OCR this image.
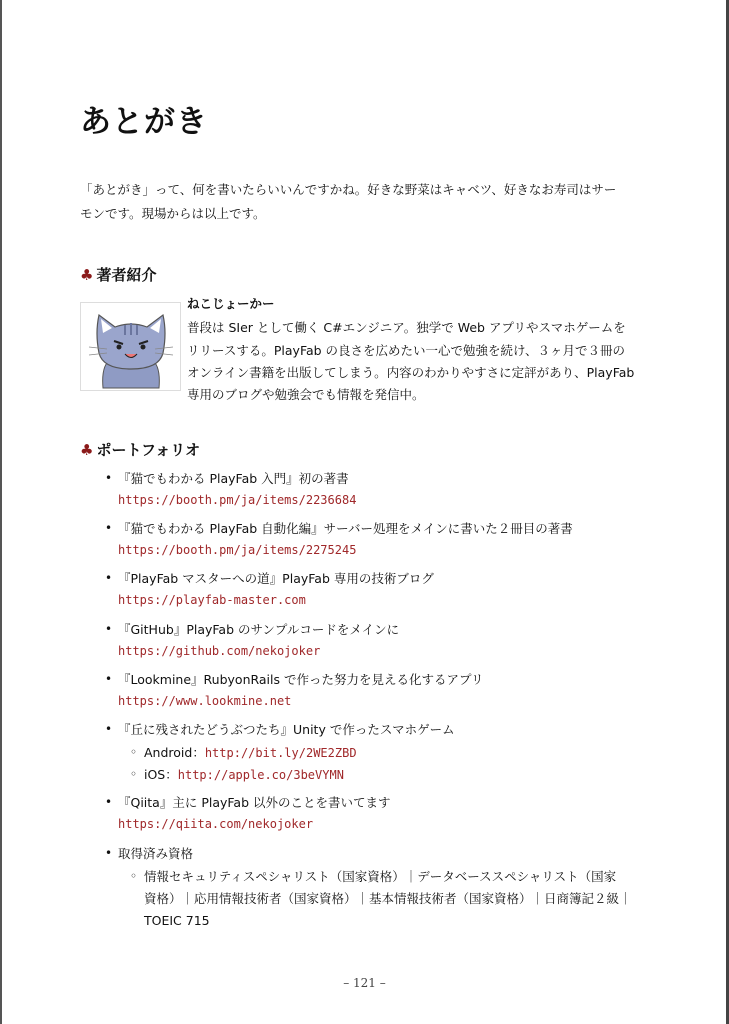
あとがき
「あとがき」って、何を書いたらいいんですかね。好きな野菜はキャベツ、好きなお寿司はサー
モンです。現場からは以上です。
♣ 著者紹介
ねこじょーかー
普段は SIer として働く C#エンジニア。独学で Web アプリやスマホゲームを
リリースする。PlayFab の良さを広めたい一心で勉強を続け、３ヶ月で３冊の
オンライン書籍を出版してしまう。内容のわかりやすさに定評があり、PlayFab
専用のブログや勉強会でも情報を発信中。
♣ ポートフォリオ
• 『猫でもわかる PlayFab 入門』初の著書
https://booth.pm/ja/items/2236684
• 『猫でもわかる PlayFab 自動化編』サーバー処理をメインに書いた２冊目の著書
https://booth.pm/ja/items/2275245
• 『PlayFab マスターへの道』PlayFab 専用の技術ブログ
https://playfab-master.com
• 『GitHub』PlayFab のサンプルコードをメインに
https://github.com/nekojoker
• 『Lookmine』RubyonRails で作った努力を見える化するアプリ
https://www.lookmine.net
• 『丘に残されたどうぶつたち』Unity で作ったスマホゲーム
◦ Android：http://bit.ly/2WE2ZBD
◦ iOS：http://apple.co/3beVYMN
• 『Qiita』主に PlayFab 以外のことを書いてます
https://qiita.com/nekojoker
• 取得済み資格
◦ 情報セキュリティスペシャリスト（国家資格）｜データベーススペシャリスト（国家
資格）｜応用情報技術者（国家資格）｜基本情報技術者（国家資格）｜日商簿記２級｜
TOEIC 715
– 121 –
